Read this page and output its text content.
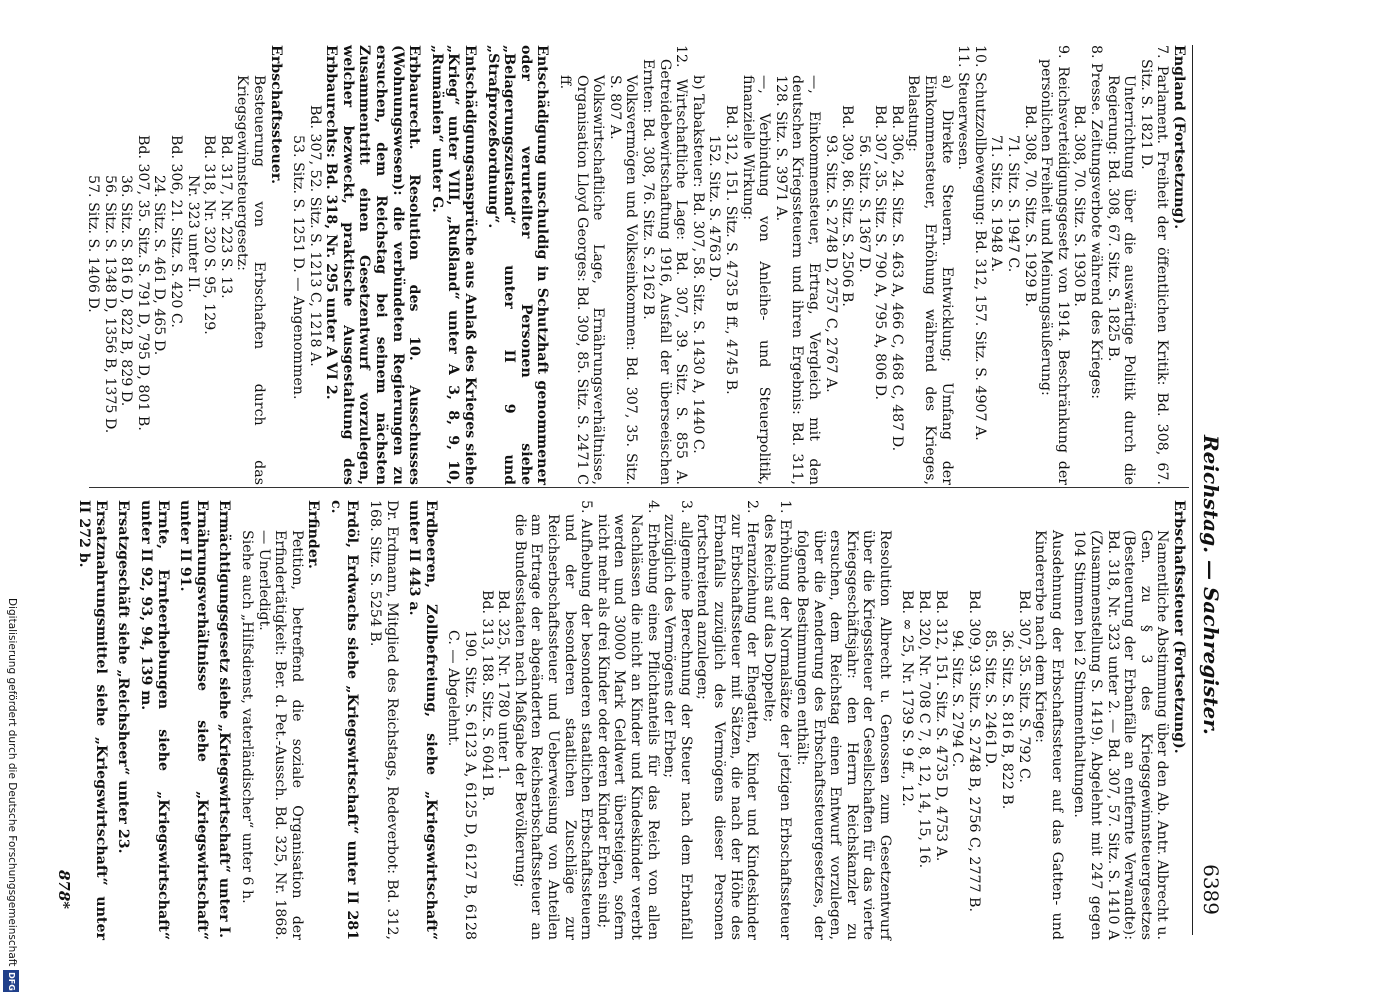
Reichstag. — Sachregister.
6389

England (Fortsetzung).

7. Parlament. Freiheit der öffentlichen Kritik: Bd. 308, 67. Sitz. S. 1821 D.

Unterrichtung über die auswärtige Politik durch die Regierung: Bd. 308, 67. Sitz. S. 1825 B.

8. Presse. Zeitungsverbote während des Krieges:

Bd. 308, 70. Sitz. S. 1930 B.

9. Reichsverteidigungsgesetz von 1914. Beschränkung der persönlichen Freiheit und Meinungsäußerung:

Bd. 308, 70. Sitz. S. 1929 B.

71. Sitz. S. 1947 C.

71. Sitz. S. 1948 A.

10. Schutzzollbewegung: Bd. 312, 157. Sitz. S. 4907 A.

11. Steuerwesen.

a) Direkte Steuern. Entwicklung; Umfang der Einkommensteuer, Erhöhung während des Krieges, Belastung:

Bd. 306, 24. Sitz. S. 463 A, 466 C, 468 C, 487 D.

Bd. 307, 35. Sitz. S. 790 A, 795 A, 806 D.

56. Sitz. S. 1367 D.

Bd. 309, 86. Sitz. S. 2506 B.

93. Sitz. S. 2748 D, 2757 C, 2767 A.

—, Einkommensteuer, Ertrag, Vergleich mit den deutschen Kriegssteuern und ihren Ergebnis: Bd. 311, 128. Sitz. S. 3971 A.

—, Verbindung von Anleihe- und Steuerpolitik, finanzielle Wirkung:

Bd. 312, 151. Sitz. S. 4735 B ff., 4745 B.

152. Sitz. S. 4763 D.

b) Tabaksteuer: Bd. 307, 58. Sitz. S. 1430 A, 1440 C.

12. Wirtschaftliche Lage: Bd. 307, 39. Sitz. S. 855 A. Getreidebewirtschaftung 1916, Ausfall der überseeischen Ernten: Bd. 308, 76. Sitz. S. 2162 B.

Volksvermögen und Volkseinkommen: Bd. 307, 35. Sitz. S. 807 A.

Volkswirtschaftliche Lage, Ernährungsverhältnisse, Organisation Lloyd Georges: Bd. 309, 85. Sitz. S. 2471 C ff.

Entschädigung unschuldig in Schutzhaft genommener oder verurteilter Personen siehe „Belagerungszustand“ unter II 9 und „Strafprozeßordnung“.

Entschädigungsansprüche aus Anlaß des Krieges siehe „Krieg“ unter VIII, „Rußland“ unter A 3, 8, 9, 10, „Rumänien“ unter G.

Erbbaurecht. Resolution des 10. Ausschusses (Wohnungswesen): die verbündeten Regierungen zu ersuchen, dem Reichstag bei seinem nächsten Zusammentritt einen Gesetzentwurf vorzulegen, welcher bezweckt, praktische Ausgestaltung des Erbbaurechts: Bd. 318, Nr. 295 unter A VI 2.

Bd. 307, 52. Sitz. S. 1213 C, 1218 A.

53. Sitz. S. 1251 D. — Angenommen.

Erbschaftssteuer.

Besteuerung von Erbschaften durch das Kriegsgewinnsteuergesetz:

Bd. 317, Nr. 223 S. 13.

Bd. 318, Nr. 320 S. 95, 129.

Nr. 323 unter II.

Bd. 306, 21. Sitz. S. 420 C.

24. Sitz. S. 461 D, 465 D.

Bd. 307, 35. Sitz. S. 791 D, 795 D, 801 B.

36. Sitz. S. 816 D, 822 B, 829 D.

56. Sitz. S. 1348 D, 1356 B, 1375 D.

57. Sitz. S. 1406 D.

Erbschaftssteuer (Fortsetzung).

Namentliche Abstimmung über den Ab. Antr. Albrecht u. Gen. zu § 3 des Kriegsgewinnsteuergesetzes (Besteuerung der Erbanfälle an entfernte Verwandte): Bd. 318, Nr. 323 unter 2. — Bd. 307, 57. Sitz. S. 1410 A (Zusammenstellung S. 1419). Abgelehnt mit 247 gegen 104 Stimmen bei 2 Stimmenthaltungen.

Ausdehnung der Erbschaftssteuer auf das Gatten- und Kindererbe nach dem Kriege:

Bd. 307, 35. Sitz. S. 792 C.

36. Sitz. S. 816 B, 822 B.

85. Sitz. S. 2461 D.

Bd. 309, 93. Sitz. S. 2748 B, 2756 C, 2777 B.

94. Sitz. S. 2794 C.

Bd. 312, 151. Sitz. S. 4735 D, 4753 A.

Bd. 320, Nr. 708 C 7, 8, 12, 14, 15, 16.

Bd. ∞ 25, Nr. 1739 S. 9 ff., 12.

Resolution Albrecht u. Genossen zum Gesetzentwurf über die Kriegssteuer der Gesellschaften für das vierte Kriegsgeschäftsjahr: den Herrn Reichskanzler zu ersuchen, dem Reichstag einen Entwurf vorzulegen, über die Aenderung des Erbschaftssteuergesetzes, der folgende Bestimmungen enthält:

1. Erhöhung der Normalsätze der jetzigen Erbschaftssteuer des Reichs auf das Doppelte;

2. Heranziehung der Ehegatten, Kinder und Kindeskinder zur Erbschaftssteuer mit Sätzen, die nach der Höhe des Erbanfalls zuzüglich des Vermögens dieser Personen fortschreitend anzulegen;

3. allgemeine Berechnung der Steuer nach dem Erbanfall zuzüglich des Vermögens der Erben;

4. Erhebung eines Pflichtanteils für das Reich von allen Nachlässen die nicht an Kinder und Kindeskinder vererbt werden und 30000 Mark Geldwert übersteigen, sofern nicht mehr als drei Kinder oder deren Kinder Erben sind;

5. Aufhebung der besonderen staatlichen Erbschaftssteuern und der besonderen staatlichen Zuschläge zur Reichserbschaftssteuer und Ueberweisung von Anteilen am Ertrage der abgeänderten Reichserbschaftssteuer an die Bundesstaaten nach Maßgabe der Bevölkerung;

Bd. 325, Nr. 1780 unter 1.

Bd. 313, 188. Sitz. S. 6041 B.

190. Sitz. S. 6123 A, 6125 D, 6127 B, 6128 C. — Abgelehnt.

Erdbeeren, Zollbefreiung, siehe „Kriegswirtschaft“ unter II 443 a.

Dr. Erdmann, Mitglied des Reichstags, Redeverbot: Bd. 312, 168. Sitz. S. 5254 B.

Erdöl, Erdwachs siehe „Kriegswirtschaft“ unter II 281 c.

Erfinder.

Petition, betreffend die soziale Organisation der Erfindertätigkeit: Ber. d. Pet.-Aussch. Bd. 325, Nr. 1868. — Unerledigt.

Siehe auch „Hilfsdienst, vaterländischer“ unter 6 h.

Ermächtigungsgesetz siehe „Kriegswirtschaft“ unter I.

Ernährungsverhältnisse siehe „Kriegswirtschaft“ unter II 91.

Ernte, Ernteerhebungen siehe „Kriegswirtschaft“ unter II 92, 93, 94, 139 m.

Ersatzgeschäft siehe „Reichsheer“ unter 23.

Ersatznahrungsmittel siehe „Kriegswirtschaft“ unter II 272 b.

878*
Digitalisierung gefördert durch die Deutsche Forschungsgemeinschaft
DFG
